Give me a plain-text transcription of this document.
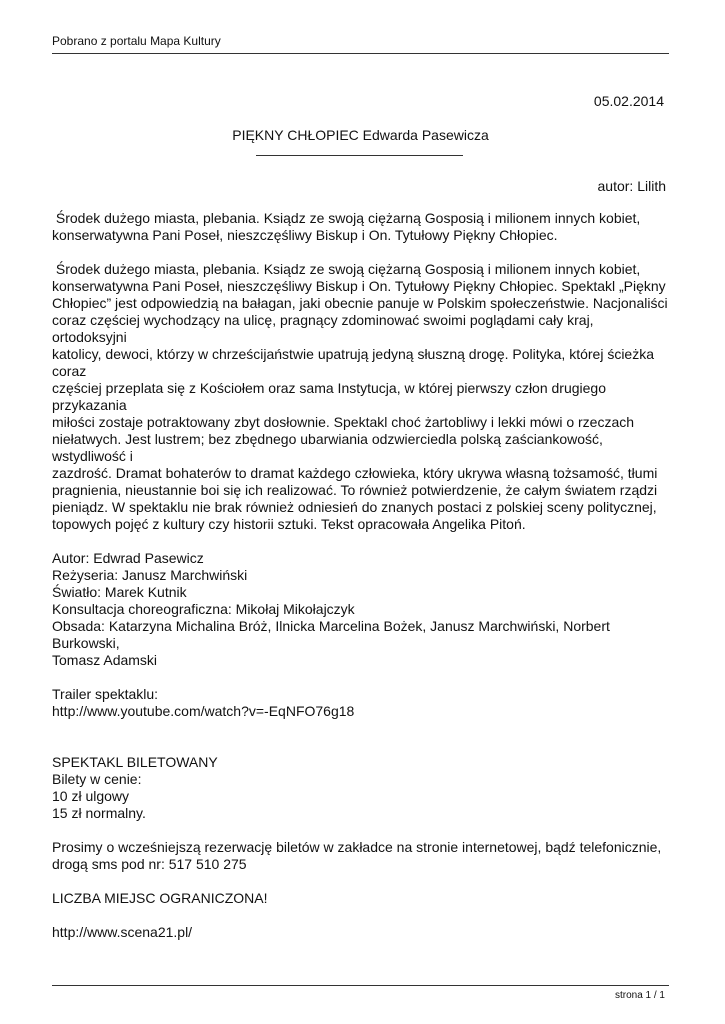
Pobrano z portalu Mapa Kultury
05.02.2014
PIĘKNY CHŁOPIEC Edwarda Pasewicza
autor: Lilith

Środek dużego miasta, plebania. Ksiądz ze swoją ciężarną Gosposią i milionem innych kobiet,

konserwatywna Pani Poseł, nieszczęśliwy Biskup i On. Tytułowy Piękny Chłopiec.

Środek dużego miasta, plebania. Ksiądz ze swoją ciężarną Gosposią i milionem innych kobiet,

konserwatywna Pani Poseł, nieszczęśliwy Biskup i On. Tytułowy Piękny Chłopiec. Spektakl „Piękny

Chłopiec” jest odpowiedzią na bałagan, jaki obecnie panuje w Polskim społeczeństwie. Nacjonaliści

coraz częściej wychodzący na ulicę, pragnący zdominować swoimi poglądami cały kraj, ortodoksyjni

katolicy, dewoci, którzy w chrześcijaństwie upatrują jedyną słuszną drogę. Polityka, której ścieżka coraz

częściej przeplata się z Kościołem oraz sama Instytucja, w której pierwszy człon drugiego przykazania

miłości zostaje potraktowany zbyt dosłownie. Spektakl choć żartobliwy i lekki mówi o rzeczach

niełatwych. Jest lustrem; bez zbędnego ubarwiania odzwierciedla polską zaściankowość, wstydliwość i

zazdrość. Dramat bohaterów to dramat każdego człowieka, który ukrywa własną tożsamość, tłumi

pragnienia, nieustannie boi się ich realizować. To również potwierdzenie, że całym światem rządzi

pieniądz. W spektaklu nie brak również odniesień do znanych postaci z polskiej sceny politycznej,

topowych pojęć z kultury czy historii sztuki. Tekst opracowała Angelika Pitoń.

Autor: Edwrad Pasewicz

Reżyseria: Janusz Marchwiński

Światło: Marek Kutnik

Konsultacja choreograficzna: Mikołaj Mikołajczyk

Obsada: Katarzyna Michalina Bróż, Ilnicka Marcelina Bożek, Janusz Marchwiński, Norbert Burkowski,

Tomasz Adamski

Trailer spektaklu:

http://www.youtube.com/watch?v=-EqNFO76g18

SPEKTAKL BILETOWANY

Bilety w cenie:

10 zł ulgowy

15 zł normalny.

Prosimy o wcześniejszą rezerwację biletów w zakładce na stronie internetowej, bądź telefonicznie,

drogą sms pod nr: 517 510 275

LICZBA MIEJSC OGRANICZONA!

http://www.scena21.pl/

strona 1 / 1
